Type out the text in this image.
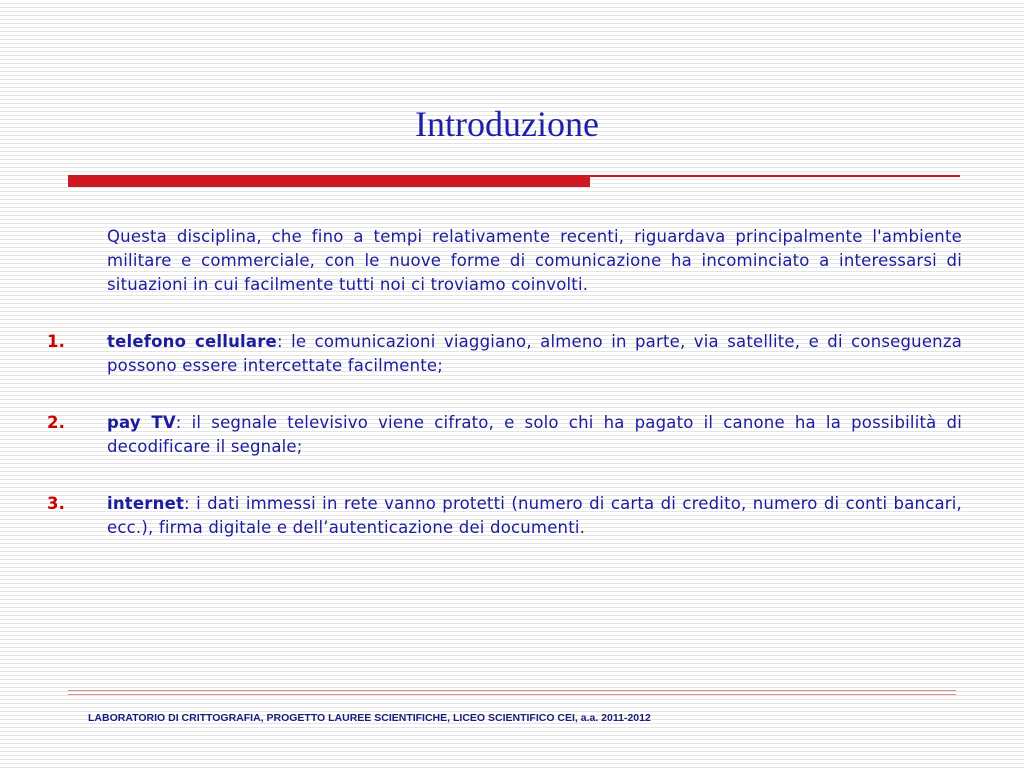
Introduzione

Questa disciplina, che fino a tempi relativamente recenti, riguardava principalmente l'ambiente militare e commerciale, con le nuove forme di comunicazione ha incominciato a interessarsi di situazioni in cui facilmente tutti noi ci troviamo coinvolti.

1.	telefono cellulare: le comunicazioni viaggiano, almeno in parte, via satellite, e di conseguenza possono essere intercettate facilmente;
2.	pay TV: il segnale televisivo viene cifrato, e solo chi ha pagato il canone ha la possibilità di decodificare il segnale;
3.	internet: i dati immessi in rete vanno protetti (numero di carta di credito, numero di conti bancari, ecc.), firma digitale e dell’autenticazione dei documenti.
LABORATORIO DI CRITTOGRAFIA, PROGETTO LAUREE SCIENTIFICHE, LICEO SCIENTIFICO CEI, a.a. 2011-2012
